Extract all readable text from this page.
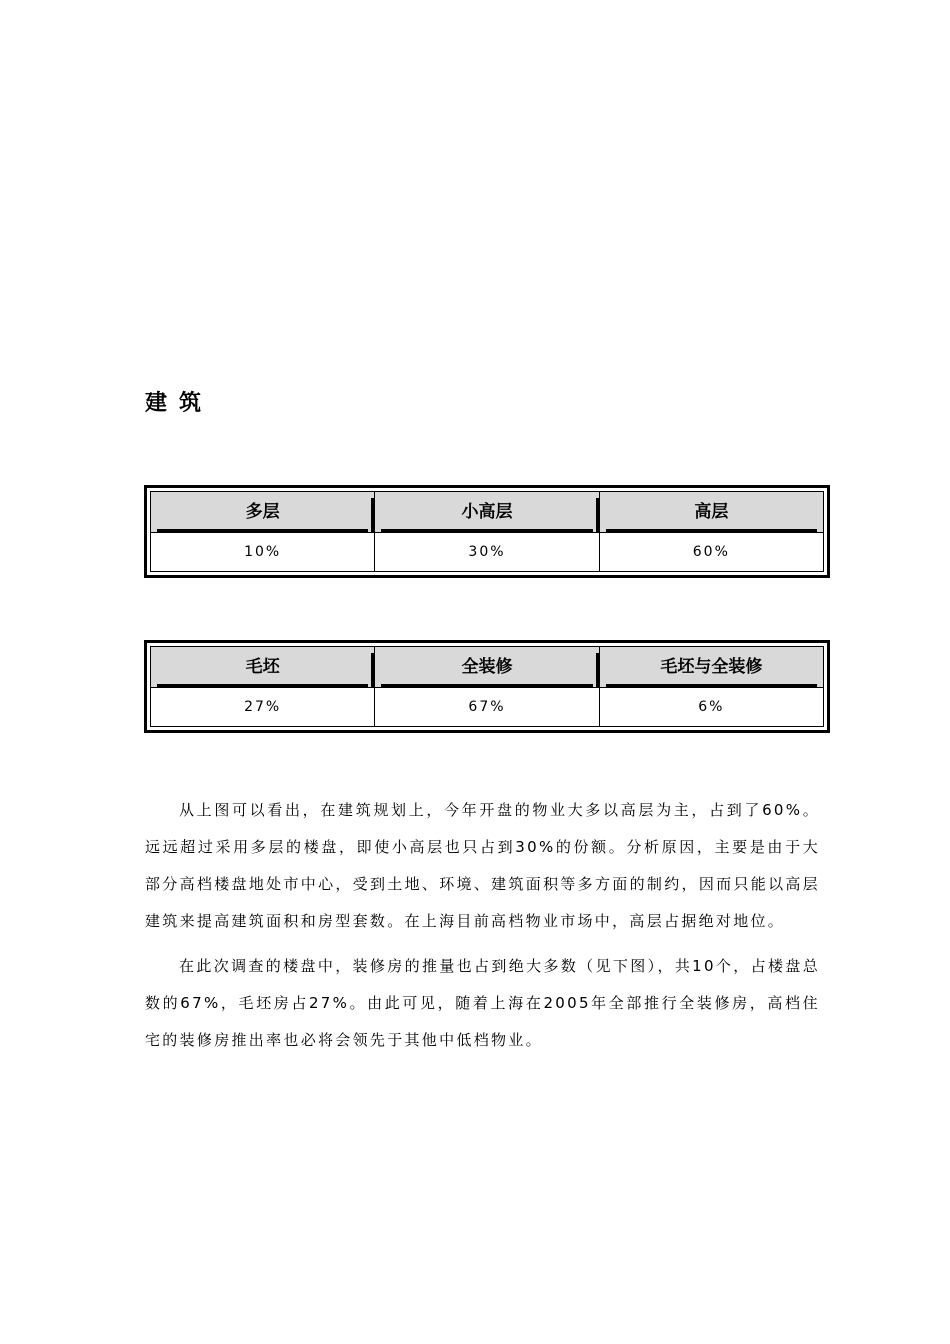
建筑
多层	小高层	高层

10%	30%	60%
毛坯	全装修	毛坯与全装修

27%	67%	6%

从上图可以看出，在建筑规划上，今年开盘的物业大多以高层为主，占到了60%。远远超过采用多层的楼盘，即使小高层也只占到30%的份额。分析原因，主要是由于大部分高档楼盘地处市中心，受到土地、环境、建筑面积等多方面的制约，因而只能以高层建筑来提高建筑面积和房型套数。在上海目前高档物业市场中，高层占据绝对地位。

在此次调查的楼盘中，装修房的推量也占到绝大多数（见下图），共10个，占楼盘总数的67%，毛坯房占27%。由此可见，随着上海在2005年全部推行全装修房，高档住宅的装修房推出率也必将会领先于其他中低档物业。
